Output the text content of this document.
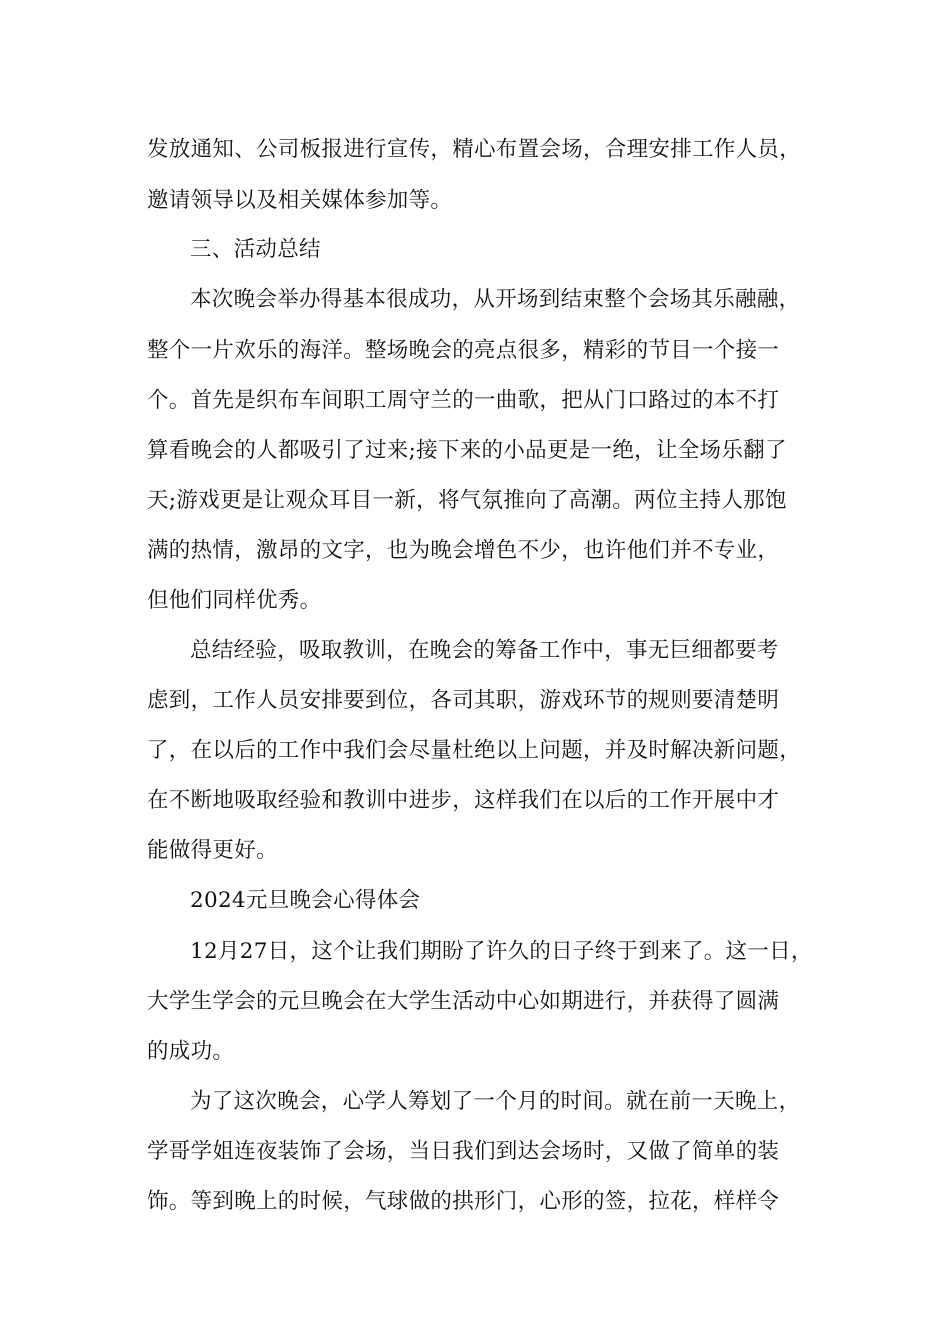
发放通知、公司板报进行宣传，精心布置会场，合理安排工作人员，
邀请领导以及相关媒体参加等。
三、活动总结
本次晚会举办得基本很成功，从开场到结束整个会场其乐融融，
整个一片欢乐的海洋。整场晚会的亮点很多，精彩的节目一个接一
个。首先是织布车间职工周守兰的一曲歌，把从门口路过的本不打
算看晚会的人都吸引了过来;接下来的小品更是一绝，让全场乐翻了
天;游戏更是让观众耳目一新，将气氛推向了高潮。两位主持人那饱
满的热情，激昂的文字，也为晚会增色不少，也许他们并不专业，
但他们同样优秀。
总结经验，吸取教训，在晚会的筹备工作中，事无巨细都要考
虑到，工作人员安排要到位，各司其职，游戏环节的规则要清楚明
了，在以后的工作中我们会尽量杜绝以上问题，并及时解决新问题，
在不断地吸取经验和教训中进步，这样我们在以后的工作开展中才
能做得更好。
2024元旦晚会心得体会
12月27日，这个让我们期盼了许久的日子终于到来了。这一日，
大学生学会的元旦晚会在大学生活动中心如期进行，并获得了圆满
的成功。
为了这次晚会，心学人筹划了一个月的时间。就在前一天晚上，
学哥学姐连夜装饰了会场，当日我们到达会场时，又做了简单的装
饰。等到晚上的时候，气球做的拱形门，心形的签，拉花，样样令
